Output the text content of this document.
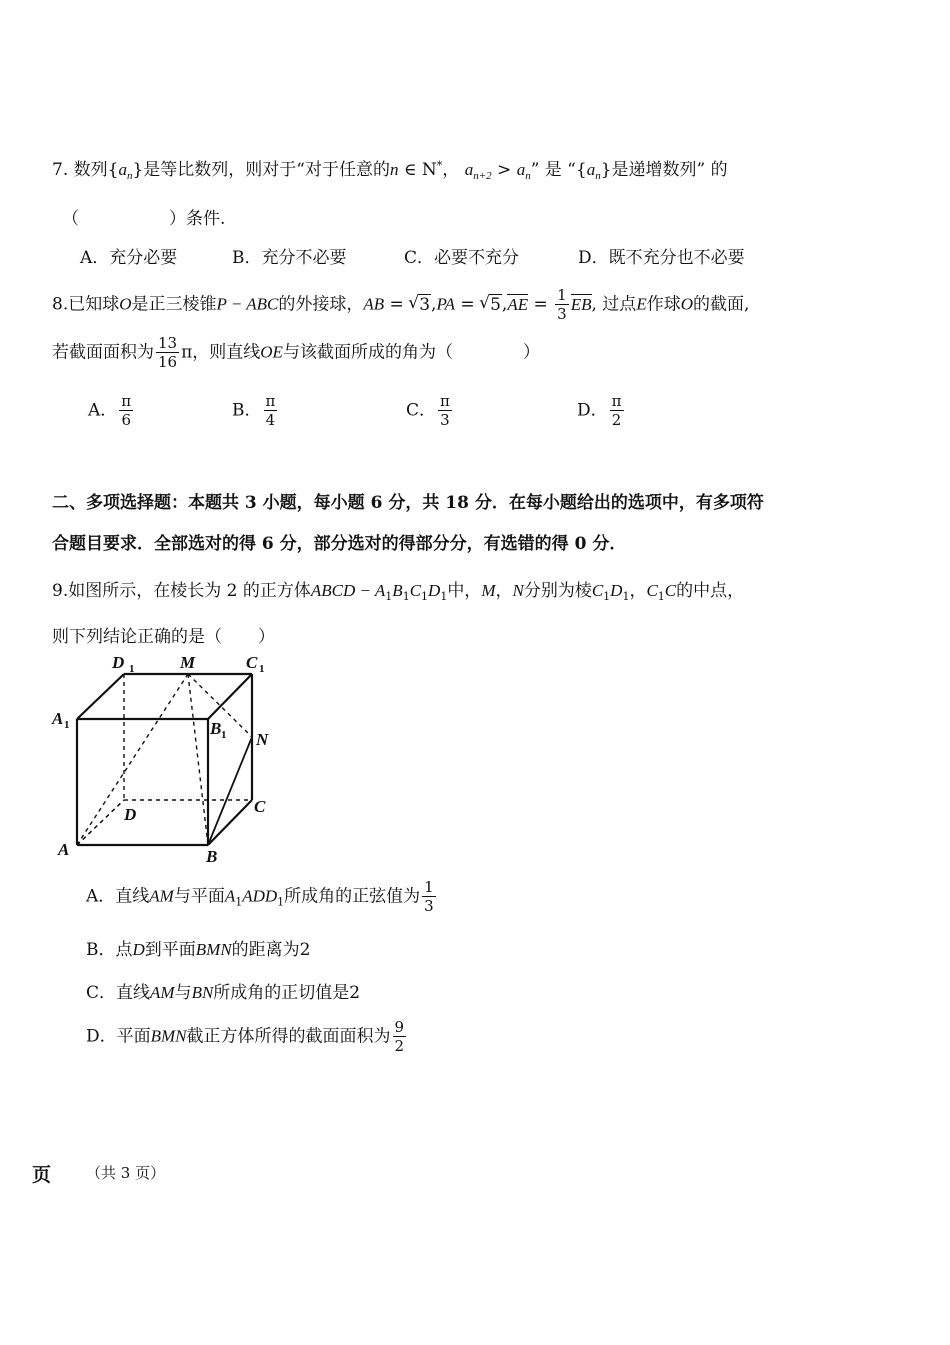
7. 数列$\{a_n\}$是等比数列，则对于“对于任意的n ∈ N*， $a_{n+2} > a_n$” 是 “$\{a_n\}$是递增数列” 的
（	）条件.
A．充分必要	B．充分不必要	C．必要不充分	D．既不充分也不必要
8.已知球O是正三棱锥P − ABC的外接球，AB = √ 3,PA = √ $5,AE = \frac{1}{3}$ EB, 过点E作球O的截面,
若截面面积为 $\frac{13}{16}$ π，则直线OE与该截面所成的角为（	）
A． $\frac{\pi}{6}$	B． $\frac{\pi}{4}$	C． $\frac{\pi}{3}$	D． $\frac{\pi}{2}$
二、多项选择题：本题共 3 小题，每小题 6 分，共 18 分．在每小题给出的选项中，有多项符
合题目要求．全部选对的得 6 分，部分选对的得部分分，有选错的得 0 分．
9.如图所示，在棱长为 2 的正方体ABCD − $A_1B_1C_1D_1$中，M，N分别为棱$C_1D_1$，$C_1C$的中点，
则下列结论正确的是（ ）
D 1	M	C 1
A 1	B 1 N
D	C
A	B
A．直线AM与平面$A_1ADD_1$所成角的正弦值为 $\frac{1}{3}$
B．点D到平面BMN的距离为2
C．直线AM与BN所成角的正切值是2
D．平面BMN截正方体所得的截面面积为 $\frac{9}{2}$
页 （共 3 页）
